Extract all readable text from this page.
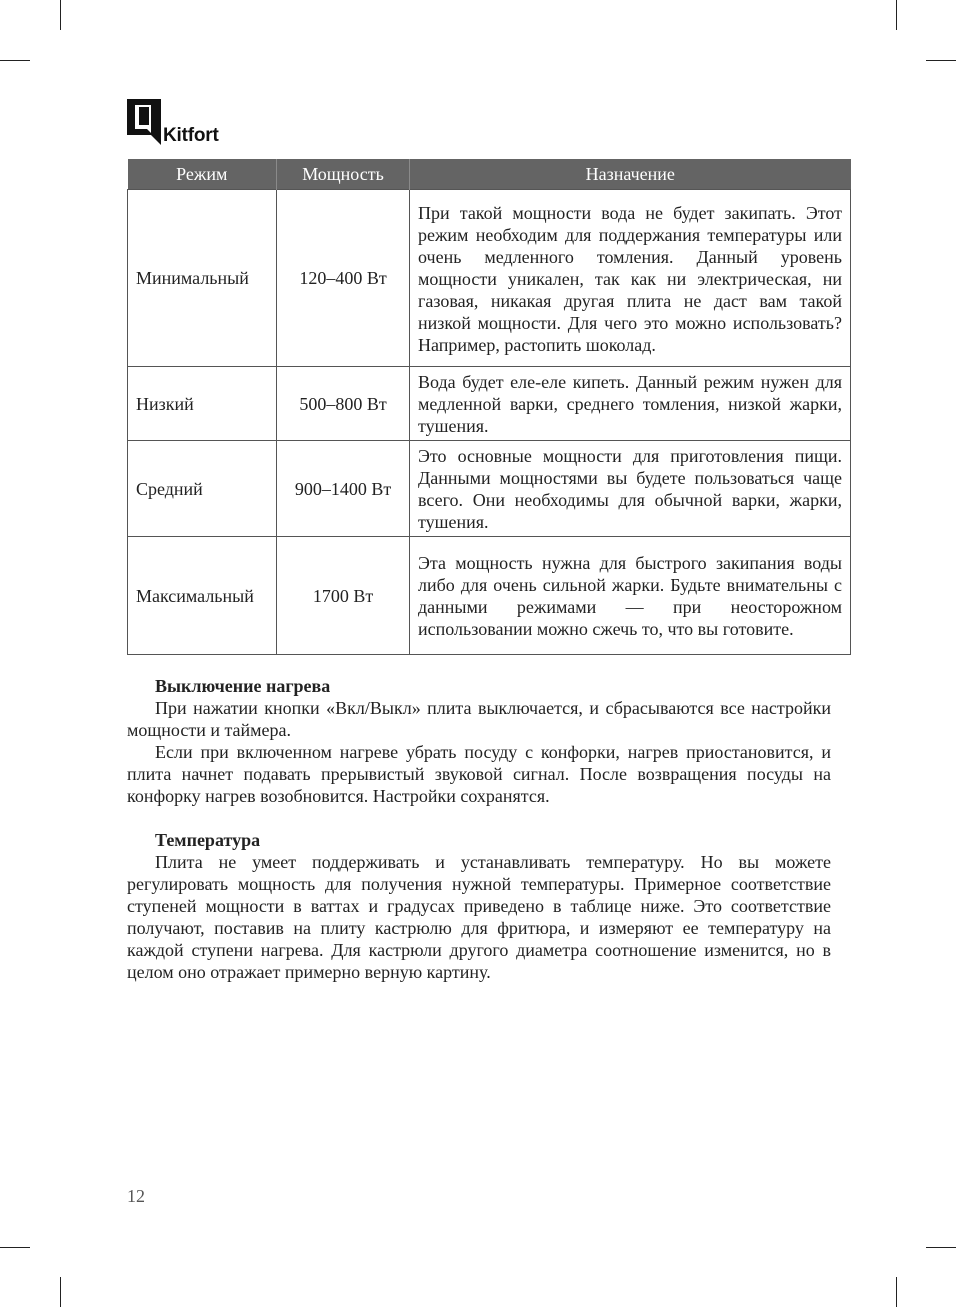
Kitfort
Режим	Мощность	Назначение
Минимальный	120–400 Вт	При такой мощности вода не будет закипать. Этот режим необходим для поддержания температуры или очень медленного томления. Данный уровень мощности уникален, так как ни электрическая, ни газовая, никакая другая плита не даст вам такой низкой мощности. Для чего это можно использовать? Например, растопить шоколад.
Низкий	500–800 Вт	Вода будет еле-еле кипеть. Данный режим нужен для медленной варки, среднего томления, низкой жарки, тушения.
Средний	900–1400 Вт	Это основные мощности для приготовления пищи. Данными мощностями вы будете пользоваться чаще всего. Они необходимы для обычной варки, жарки, тушения.
Максимальный	1700 Вт	Эта мощность нужна для быстрого закипания воды либо для очень сильной жарки. Будьте внимательны с данными режимами — при неосторожном использовании можно сжечь то, что вы готовите.
Выключение нагрева

При нажатии кнопки «Вкл/Выкл» плита выключается, и сбрасываются все настройки мощности и таймера.

Если при включенном нагреве убрать посуду с конфорки, нагрев приостановится, и плита начнет подавать прерывистый звуковой сигнал. После возвращения посуды на конфорку нагрев возобновится. Настройки сохранятся.

Температура

Плита не умеет поддерживать и устанавливать температуру. Но вы можете регулировать мощность для получения нужной температуры. Примерное соответствие ступеней мощности в ваттах и градусах приведено в таблице ниже. Это соответствие получают, поставив на плиту кастрюлю для фритюра, и измеряют ее температуру на каждой ступени нагрева. Для кастрюли другого диаметра соотношение изменится, но в целом оно отражает примерно верную картину.

12
